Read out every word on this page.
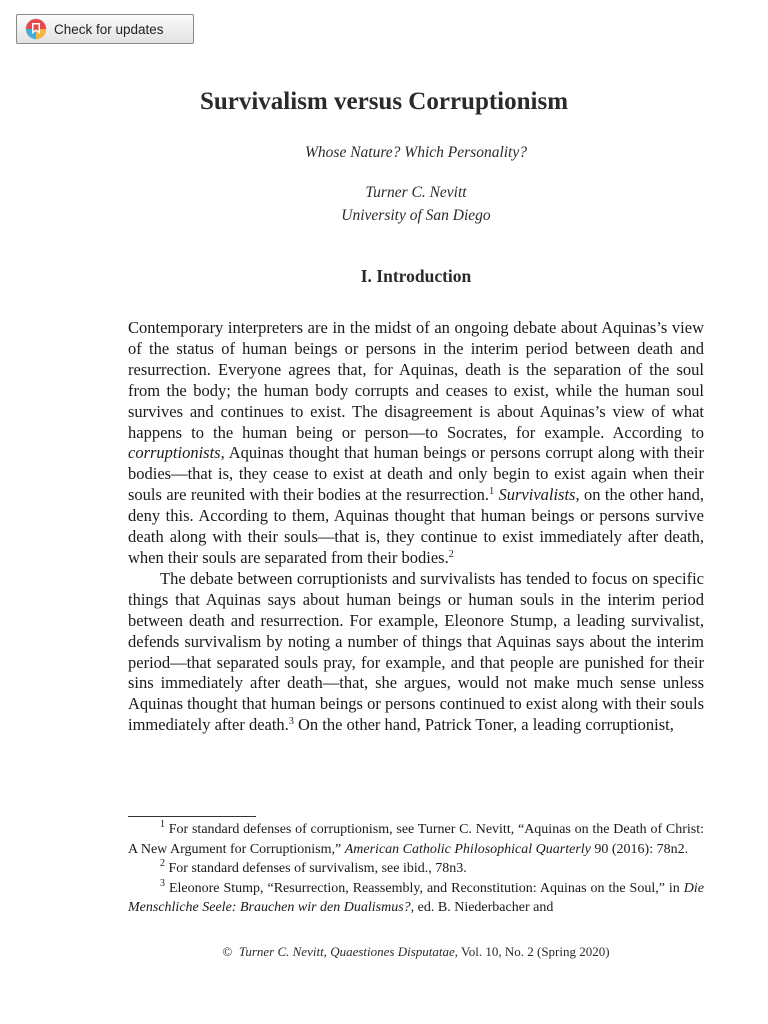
Check for updates
Survivalism versus Corruptionism
Whose Nature? Which Personality?
Turner C. Nevitt
University of San Diego
I. Introduction

Contemporary interpreters are in the midst of an ongoing debate about Aquinas’s view of the status of human beings or persons in the interim period between death and resurrection. Everyone agrees that, for Aquinas, death is the separation of the soul from the body; the human body corrupts and ceases to exist, while the human soul survives and continues to exist. The disagreement is about Aquinas’s view of what happens to the human being or person—to Socrates, for example. According to corruptionists, Aquinas thought that human beings or persons corrupt along with their bodies—that is, they cease to exist at death and only begin to exist again when their souls are reunited with their bodies at the resurrection.$^1$ Survivalists, on the other hand, deny this. According to them, Aquinas thought that human beings or persons survive death along with their souls—that is, they continue to exist immediately after death, when their souls are separated from their bodies.$^2$

The debate between corruptionists and survivalists has tended to focus on specific things that Aquinas says about human beings or human souls in the interim period between death and resurrection. For example, Eleonore Stump, a leading survivalist, defends survivalism by noting a number of things that Aquinas says about the interim period—that separated souls pray, for example, and that people are punished for their sins immediately after death—that, she argues, would not make much sense unless Aquinas thought that human beings or persons continued to exist along with their souls immediately after death.$^3$ On the other hand, Patrick Toner, a leading corruptionist,

$^1$ For standard defenses of corruptionism, see Turner C. Nevitt, “Aquinas on the Death of Christ: A New Argument for Corruptionism,” American Catholic Philosophical Quarterly 90 (2016): 78n2.

$^2$ For standard defenses of survivalism, see ibid., 78n3.

$^3$ Eleonore Stump, “Resurrection, Reassembly, and Reconstitution: Aquinas on the Soul,” in Die Menschliche Seele: Brauchen wir den Dualismus?, ed. B. Niederbacher and

© Turner C. Nevitt, Quaestiones Disputatae, Vol. 10, No. 2 (Spring 2020)
